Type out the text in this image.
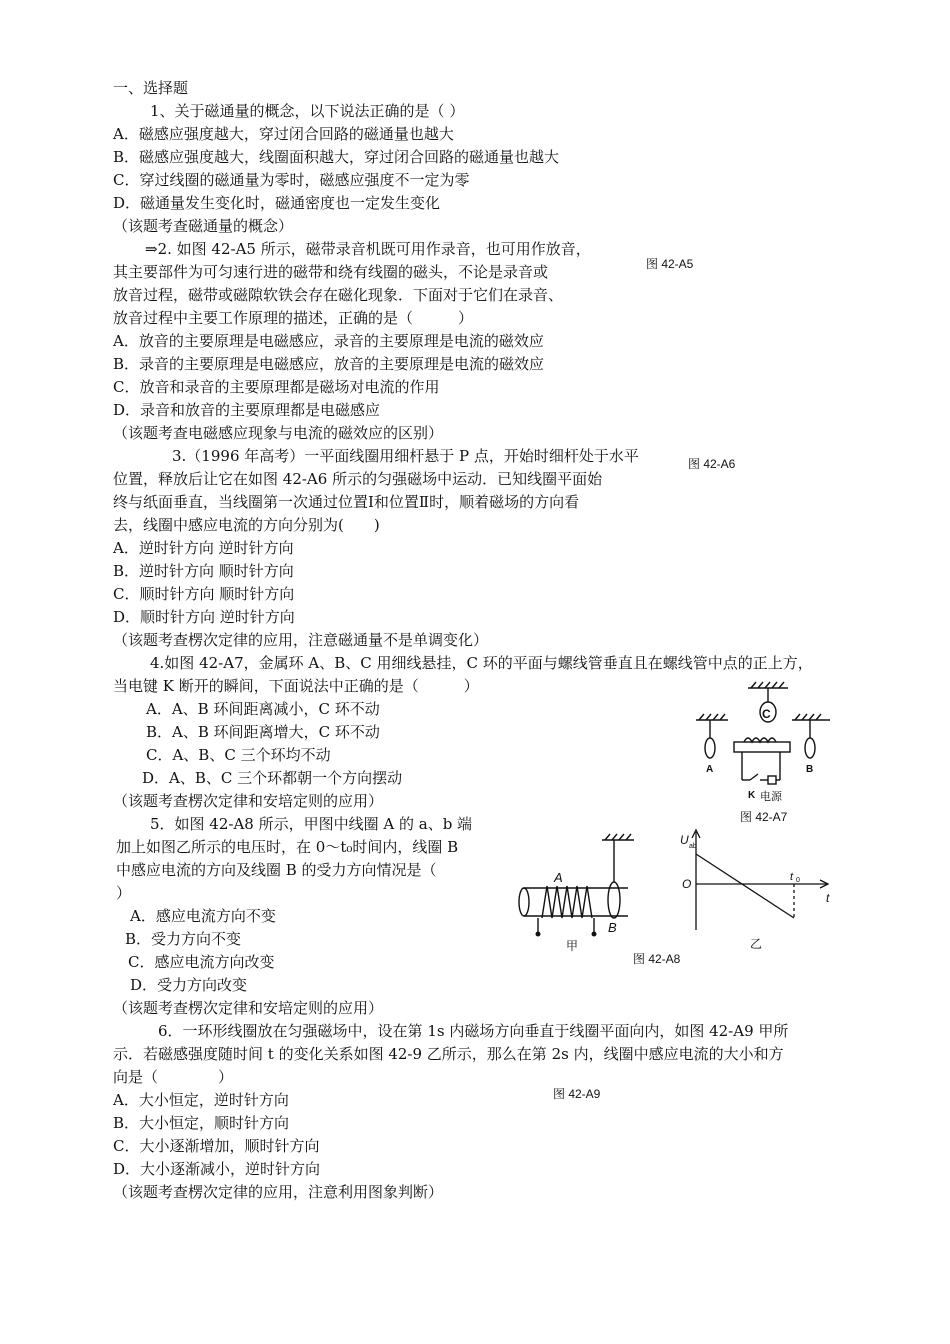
一、选择题
1、关于磁通量的概念，以下说法正确的是（ ）
A．磁感应强度越大，穿过闭合回路的磁通量也越大
B．磁感应强度越大，线圈面积越大，穿过闭合回路的磁通量也越大
C．穿过线圈的磁通量为零时，磁感应强度不一定为零
D．磁通量发生变化时，磁通密度也一定发生变化
（该题考查磁通量的概念）
⇒2. 如图 42-A5 所示，磁带录音机既可用作录音，也可用作放音，
其主要部件为可匀速行进的磁带和绕有线圈的磁头，不论是录音或
放音过程，磁带或磁隙软铁会存在磁化现象．下面对于它们在录音、
放音过程中主要工作原理的描述，正确的是（　　　）
图 42-A5
A．放音的主要原理是电磁感应，录音的主要原理是电流的磁效应
B．录音的主要原理是电磁感应，放音的主要原理是电流的磁效应
C．放音和录音的主要原理都是磁场对电流的作用
D．录音和放音的主要原理都是电磁感应
（该题考查电磁感应现象与电流的磁效应的区别）
3.（1996 年高考）一平面线圈用细杆悬于 P 点，开始时细杆处于水平
位置，释放后让它在如图 42-A6 所示的匀强磁场中运动．已知线圈平面始
终与纸面垂直，当线圈第一次通过位置Ⅰ和位置Ⅱ时，顺着磁场的方向看
去，线圈中感应电流的方向分别为(　　)
图 42-A6
A．逆时针方向 逆时针方向
B．逆时针方向 顺时针方向
C．顺时针方向 顺时针方向
D．顺时针方向 逆时针方向
（该题考查楞次定律的应用，注意磁通量不是单调变化）
4.如图 42-A7，金属环 A、B、C 用细线悬挂，C 环的平面与螺线管垂直且在螺线管中点的正上方，
当电键 K 断开的瞬间，下面说法中正确的是（　　　）
A．A、B 环间距离减小，C 环不动
B．A、B 环间距离增大，C 环不动
C．A、B、C 三个环均不动
D．A、B、C 三个环都朝一个方向摆动
（该题考查楞次定律和安培定则的应用）
C
A	B
K 电源
图 42-A7
5．如图 42-A8 所示，甲图中线圈 A 的 a、b 端
加上如图乙所示的电压时，在 0～t₀时间内，线圈 B
中感应电流的方向及线圈 B 的受力方向情况是（
）
A．感应电流方向不变
B．受力方向不变
C．感应电流方向改变
D．受力方向改变
（该题考查楞次定律和安培定则的应用）
A
B
甲
U ab
O	t 0
t
乙
图 42-A8
6．一环形线圈放在匀强磁场中，设在第 1s 内磁场方向垂直于线圈平面向内，如图 42-A9 甲所
示．若磁感强度随时间 t 的变化关系如图 42-9 乙所示，那么在第 2s 内，线圈中感应电流的大小和方
向是（　　　　）
图 42-A9
A．大小恒定，逆时针方向
B．大小恒定，顺时针方向
C．大小逐渐增加，顺时针方向
D．大小逐渐减小，逆时针方向
（该题考查楞次定律的应用，注意利用图象判断）
